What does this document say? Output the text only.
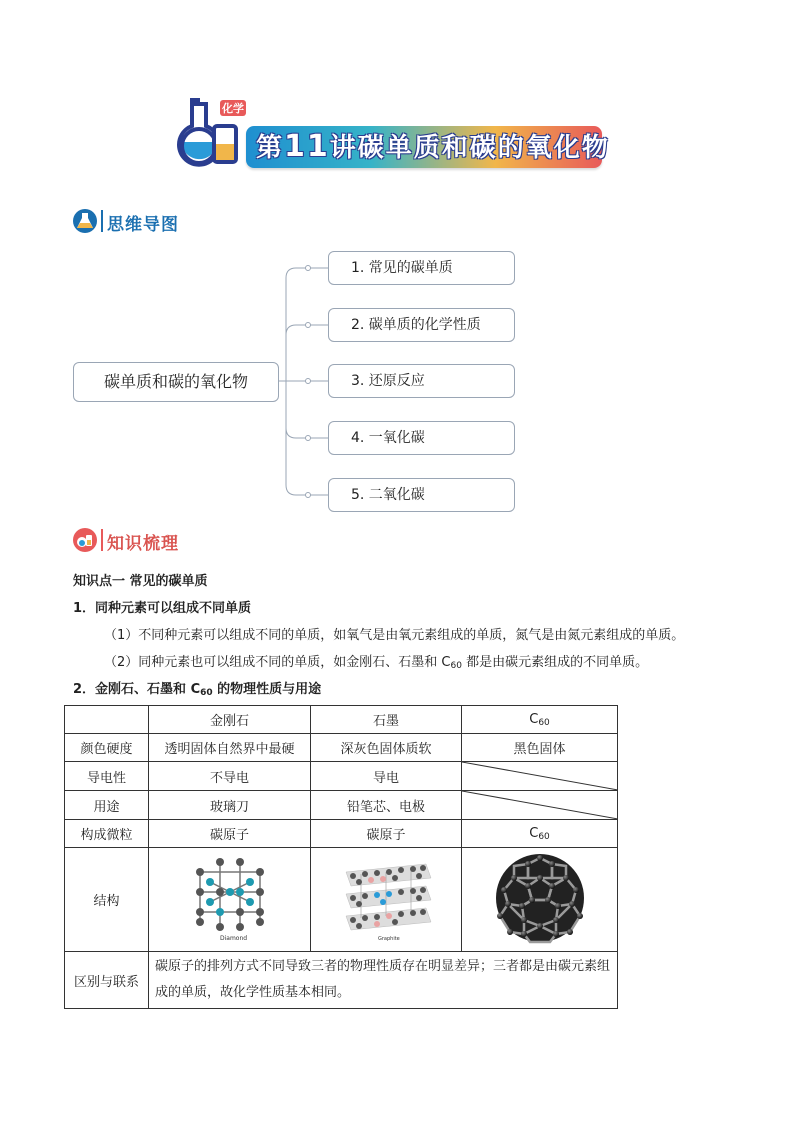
化学
第11讲碳单质和碳的氧化物
思维导图
碳单质和碳的氧化物
1. 常见的碳单质
2. 碳单质的化学性质
3. 还原反应
4. 一氧化碳
5. 二氧化碳
知识梳理
知识点一 常见的碳单质
1．同种元素可以组成不同单质
（1）不同种元素可以组成不同的单质，如氧气是由氧元素组成的单质，氮气是由氮元素组成的单质。
（2）同种元素也可以组成不同的单质，如金刚石、石墨和 $C_{60}$ 都是由碳元素组成的不同单质。
2．金刚石、石墨和 $C_{60}$ 的物理性质与用途
	金刚石	石墨	$C_{60}$
颜色硬度	透明固体自然界中最硬	深灰色固体质软	黑色固体
导电性	不导电	导电	

用途	玻璃刀	铅笔芯、电极	

构成微粒	碳原子	碳原子	$C_{60}$
结构	Diamond	Graphite

区别与联系	碳原子的排列方式不同导致三者的物理性质存在明显差异；三者都是由碳元素组成的单质，故化学性质基本相同。		
